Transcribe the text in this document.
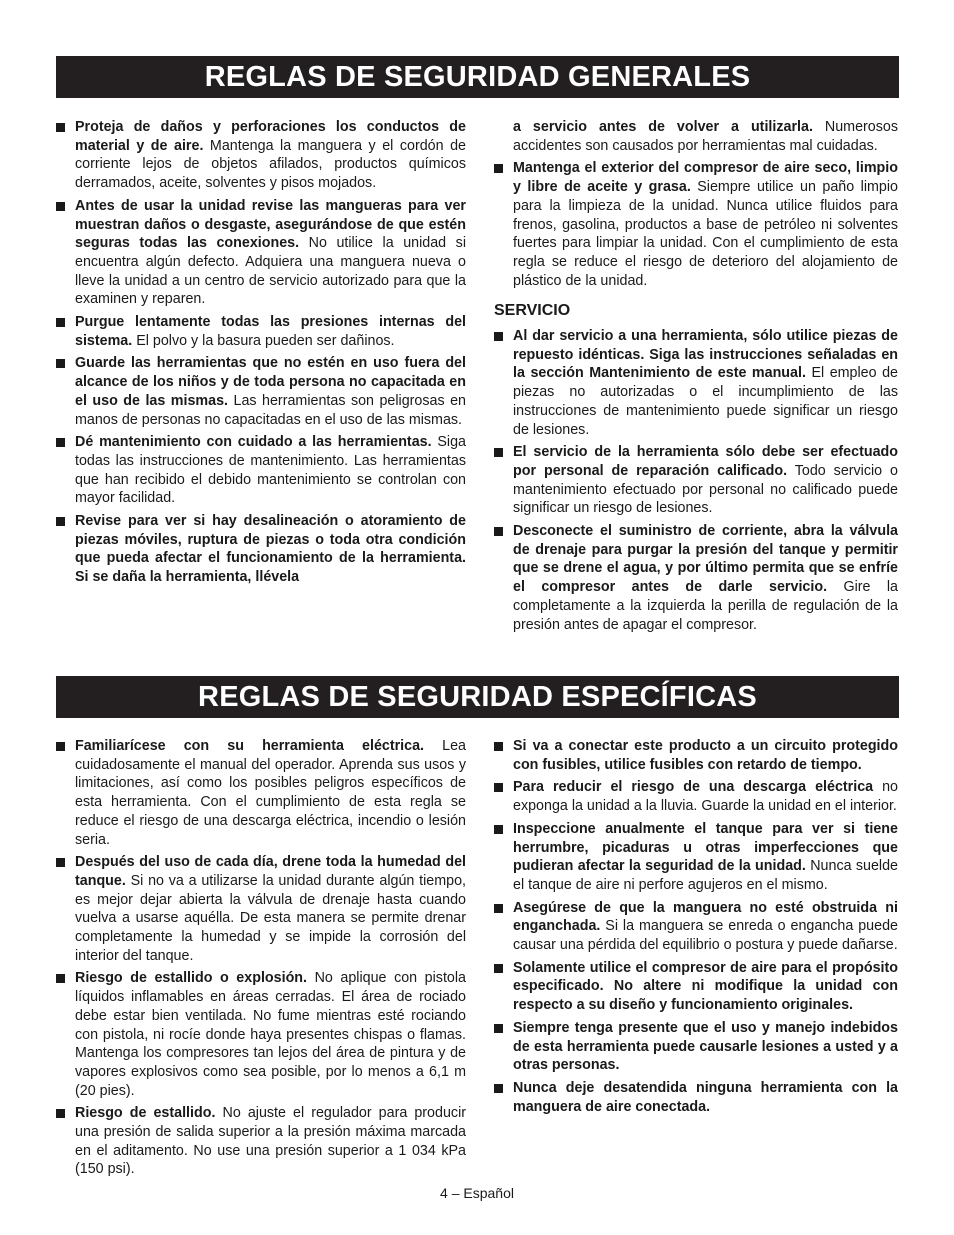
REGLAS DE SEGURIDAD GENERALES
Proteja de daños y perforaciones los conductos de material y de aire. Mantenga la manguera y el cordón de corriente lejos de objetos afilados, productos químicos derramados, aceite, solventes y pisos mojados.
Antes de usar la unidad revise las mangueras para ver muestran daños o desgaste, asegurándose de que estén seguras todas las conexiones. No utilice la unidad si encuentra algún defecto. Adquiera una manguera nueva o lleve la unidad a un centro de servicio autorizado para que la examinen y reparen.
Purgue lentamente todas las presiones internas del sistema. El polvo y la basura pueden ser dañinos.
Guarde las herramientas que no estén en uso fuera del alcance de los niños y de toda persona no capacitada en el uso de las mismas. Las herramientas son peligrosas en manos de personas no capacitadas en el uso de las mismas.
Dé mantenimiento con cuidado a las herramientas. Siga todas las instrucciones de mantenimiento. Las herramientas que han recibido el debido mantenimiento se controlan con mayor facilidad.
Revise para ver si hay desalineación o atoramiento de piezas móviles, ruptura de piezas o toda otra condición que pueda afectar el funcionamiento de la herramienta. Si se daña la herramienta, llévela
a servicio antes de volver a utilizarla. Numerosos accidentes son causados por herramientas mal cuidadas.
Mantenga el exterior del compresor de aire seco, limpio y libre de aceite y grasa. Siempre utilice un paño limpio para la limpieza de la unidad. Nunca utilice fluidos para frenos, gasolina, productos a base de petróleo ni solventes fuertes para limpiar la unidad. Con el cumplimiento de esta regla se reduce el riesgo de deterioro del alojamiento de plástico de la unidad.
SERVICIO
Al dar servicio a una herramienta, sólo utilice piezas de repuesto idénticas. Siga las instrucciones señaladas en la sección Mantenimiento de este manual. El empleo de piezas no autorizadas o el incumplimiento de las instrucciones de mantenimiento puede significar un riesgo de lesiones.
El servicio de la herramienta sólo debe ser efectuado por personal de reparación calificado. Todo servicio o mantenimiento efectuado por personal no calificado puede significar un riesgo de lesiones.
Desconecte el suministro de corriente, abra la válvula de drenaje para purgar la presión del tanque y permitir que se drene el agua, y por último permita que se enfríe el compresor antes de darle servicio. Gire la completamente a la izquierda la perilla de regulación de la presión antes de apagar el compresor.
REGLAS DE SEGURIDAD ESPECÍFICAS
Familiarícese con su herramienta eléctrica. Lea cuidadosamente el manual del operador. Aprenda sus usos y limitaciones, así como los posibles peligros específicos de esta herramienta. Con el cumplimiento de esta regla se reduce el riesgo de una descarga eléctrica, incendio o lesión seria.
Después del uso de cada día, drene toda la humedad del tanque. Si no va a utilizarse la unidad durante algún tiempo, es mejor dejar abierta la válvula de drenaje hasta cuando vuelva a usarse aquélla. De esta manera se permite drenar completamente la humedad y se impide la corrosión del interior del tanque.
Riesgo de estallido o explosión. No aplique con pistola líquidos inflamables en áreas cerradas. El área de rociado debe estar bien ventilada. No fume mientras esté rociando con pistola, ni rocíe donde haya presentes chispas o flamas. Mantenga los compresores tan lejos del área de pintura y de vapores explosivos como sea posible, por lo menos a 6,1 m (20 pies).
Riesgo de estallido. No ajuste el regulador para producir una presión de salida superior a la presión máxima marcada en el aditamento. No use una presión superior a 1 034 kPa (150 psi).
Si va a conectar este producto a un circuito protegido con fusibles, utilice fusibles con retardo de tiempo.
Para reducir el riesgo de una descarga eléctrica no exponga la unidad a la lluvia. Guarde la unidad en el interior.
Inspeccione anualmente el tanque para ver si tiene herrumbre, picaduras u otras imperfecciones que pudieran afectar la seguridad de la unidad. Nunca suelde el tanque de aire ni perfore agujeros en el mismo.
Asegúrese de que la manguera no esté obstruida ni enganchada. Si la manguera se enreda o engancha puede causar una pérdida del equilibrio o postura y puede dañarse.
Solamente utilice el compresor de aire para el propósito especificado. No altere ni modifique la unidad con respecto a su diseño y funcionamiento originales.
Siempre tenga presente que el uso y manejo indebidos de esta herramienta puede causarle lesiones a usted y a otras personas.
Nunca deje desatendida ninguna herramienta con la manguera de aire conectada.
4 – Español
